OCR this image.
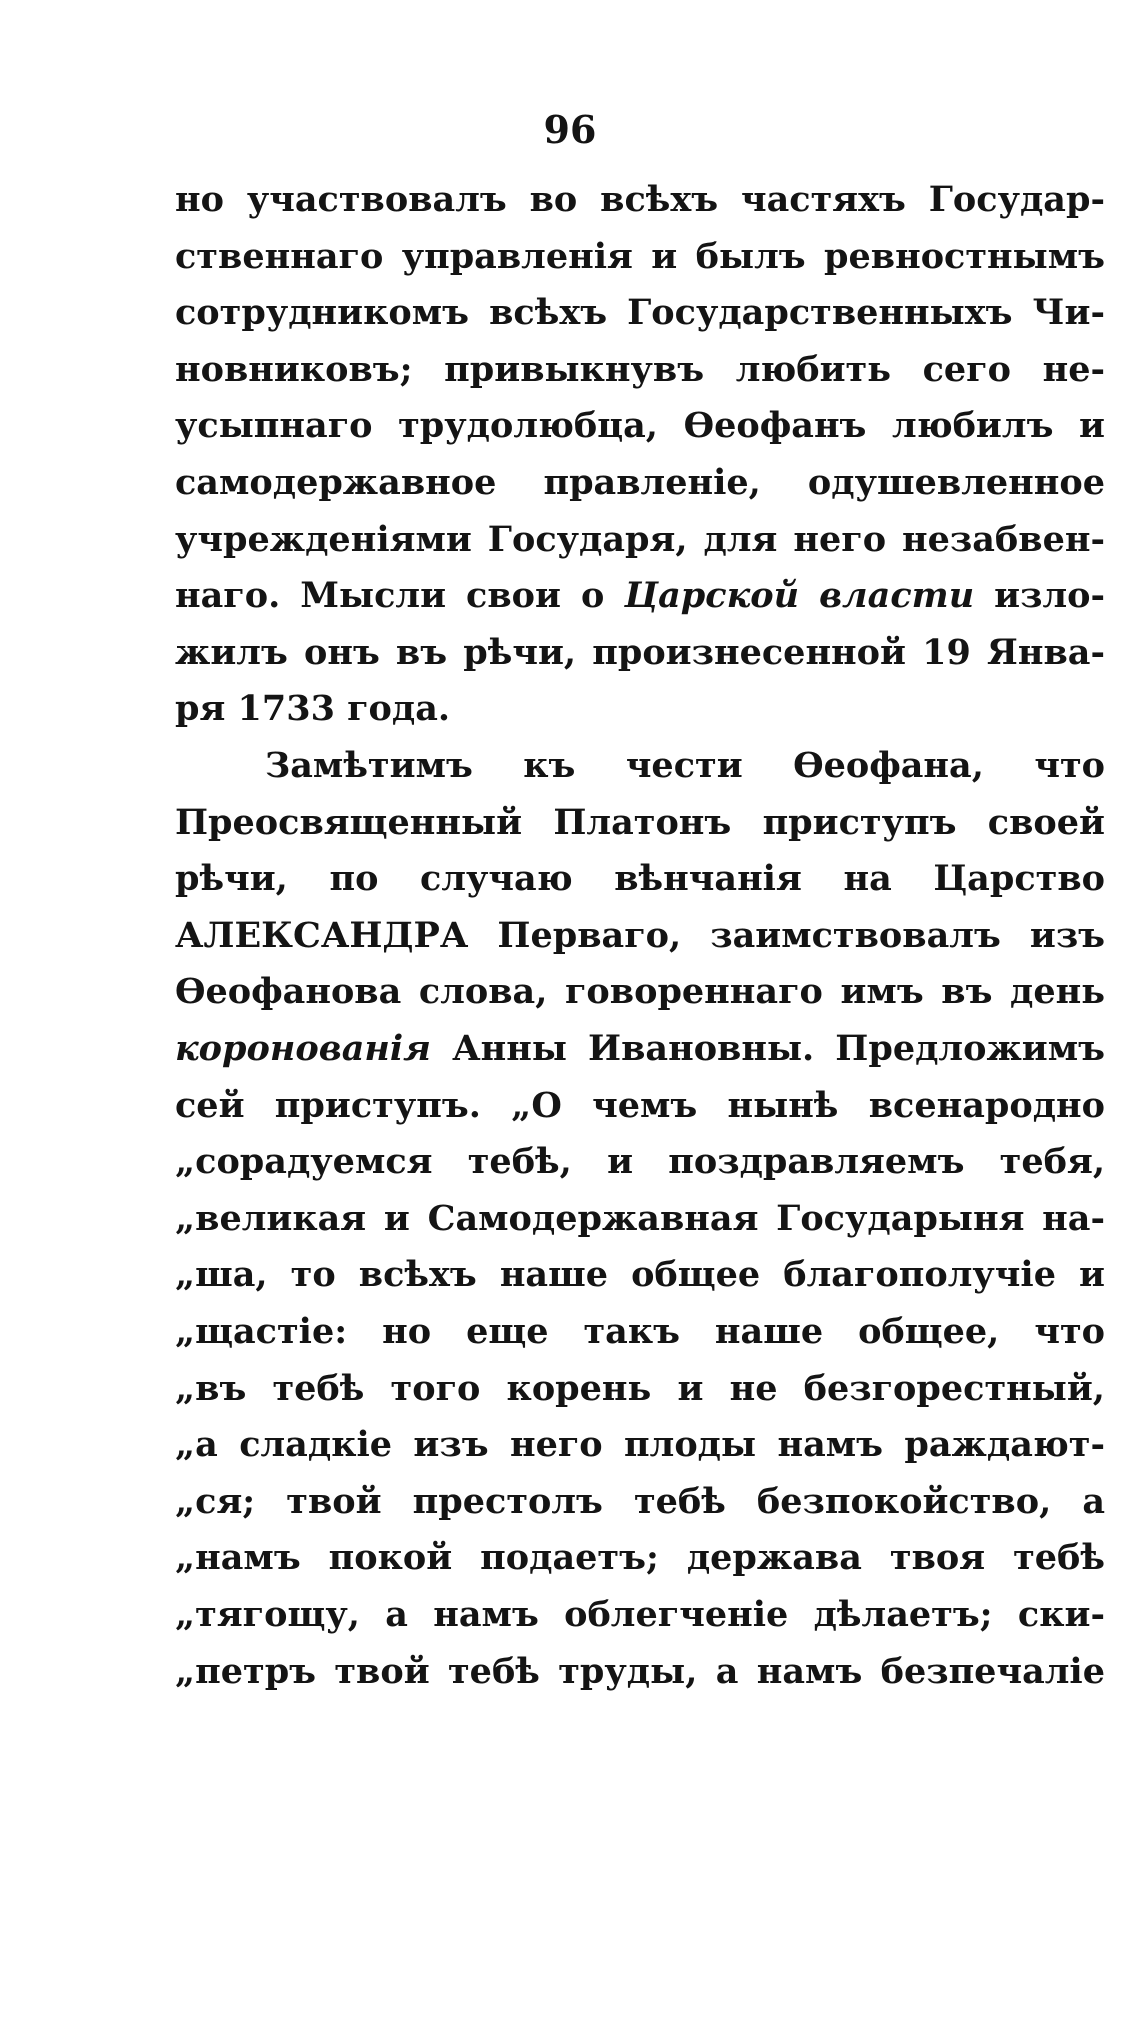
96
но участвовалъ во всѣхъ частяхъ Государ-
ственнаго управленія и былъ ревностнымъ
сотрудникомъ всѣхъ Государственныхъ Чи-
новниковъ; привыкнувъ любить сего не-
усыпнаго трудолюбца, Ѳеофанъ любилъ и
самодержавное правленіе, одушевленное
учрежденіями Государя, для него незабвен-
наго. Мысли свои о Царской власти изло-
жилъ онъ въ рѣчи, произнесенной 19 Янва-
ря 1733 года.
Замѣтимъ къ чести Ѳеофана, что
Преосвященный Платонъ приступъ своей
рѣчи, по случаю вѣнчанія на Царство
АЛЕКСАНДРА Перваго, заимствовалъ изъ
Ѳеофанова слова, говореннаго имъ въ день
коронованія Анны Ивановны. Предложимъ
сей приступъ. „О чемъ нынѣ всенародно
„сорадуемся тебѣ, и поздравляемъ тебя,
„великая и Самодержавная Государыня на-
„ша, то всѣхъ наше общее благополучіе и
„щастіе: но еще такъ наше общее, что
„въ тебѣ того корень и не безгорестный,
„а сладкіе изъ него плоды намъ раждают-
„ся; твой престолъ тебѣ безпокойство, а
„намъ покой подаетъ; держава твоя тебѣ
„тягощу, а намъ облегченіе дѣлаетъ; ски-
„петръ твой тебѣ труды, а намъ безпечаліе
